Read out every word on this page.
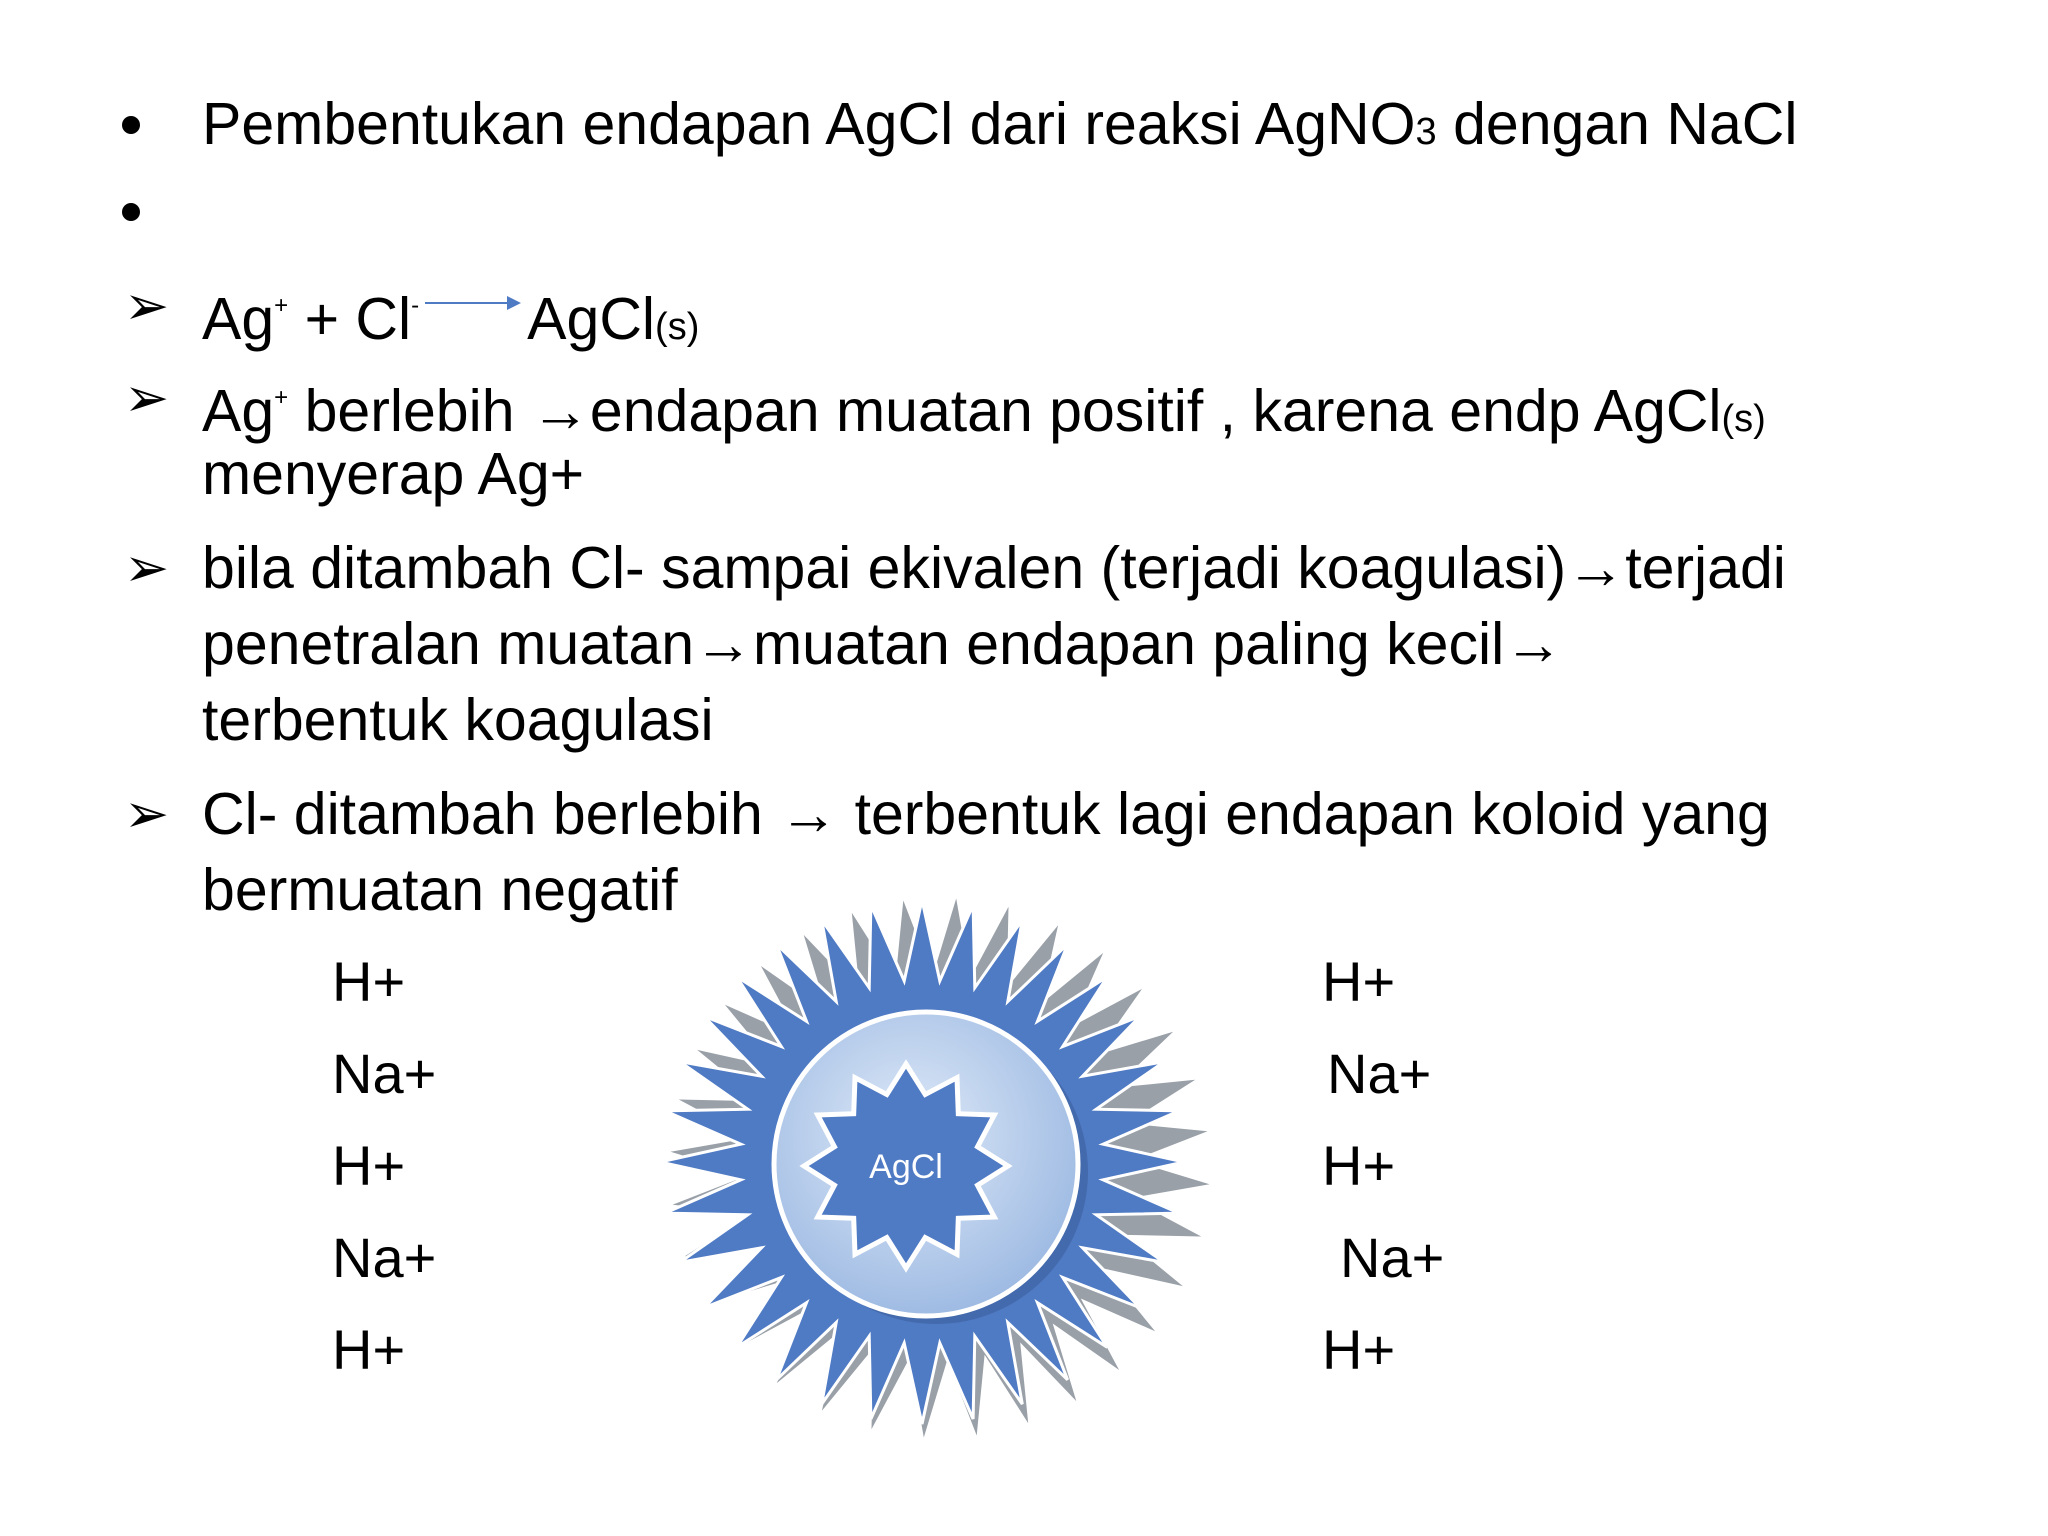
Pembentukan endapan AgCl dari reaksi AgNO3 dengan NaCl
➢ Ag+ + Cl- AgCl(s)
➢ Ag+ berlebih →endapan muatan positif , karena endp AgCl(s)
menyerap Ag+
➢ bila ditambah Cl- sampai ekivalen (terjadi koagulasi)→terjadi
penetralan muatan→muatan endapan paling kecil→
terbentuk koagulasi
➢ Cl- ditambah berlebih → terbentuk lagi endapan koloid yang
bermuatan negatif
H+
Na+
H+
Na+
H+
H+
Na+
H+
Na+
H+
AgCl
